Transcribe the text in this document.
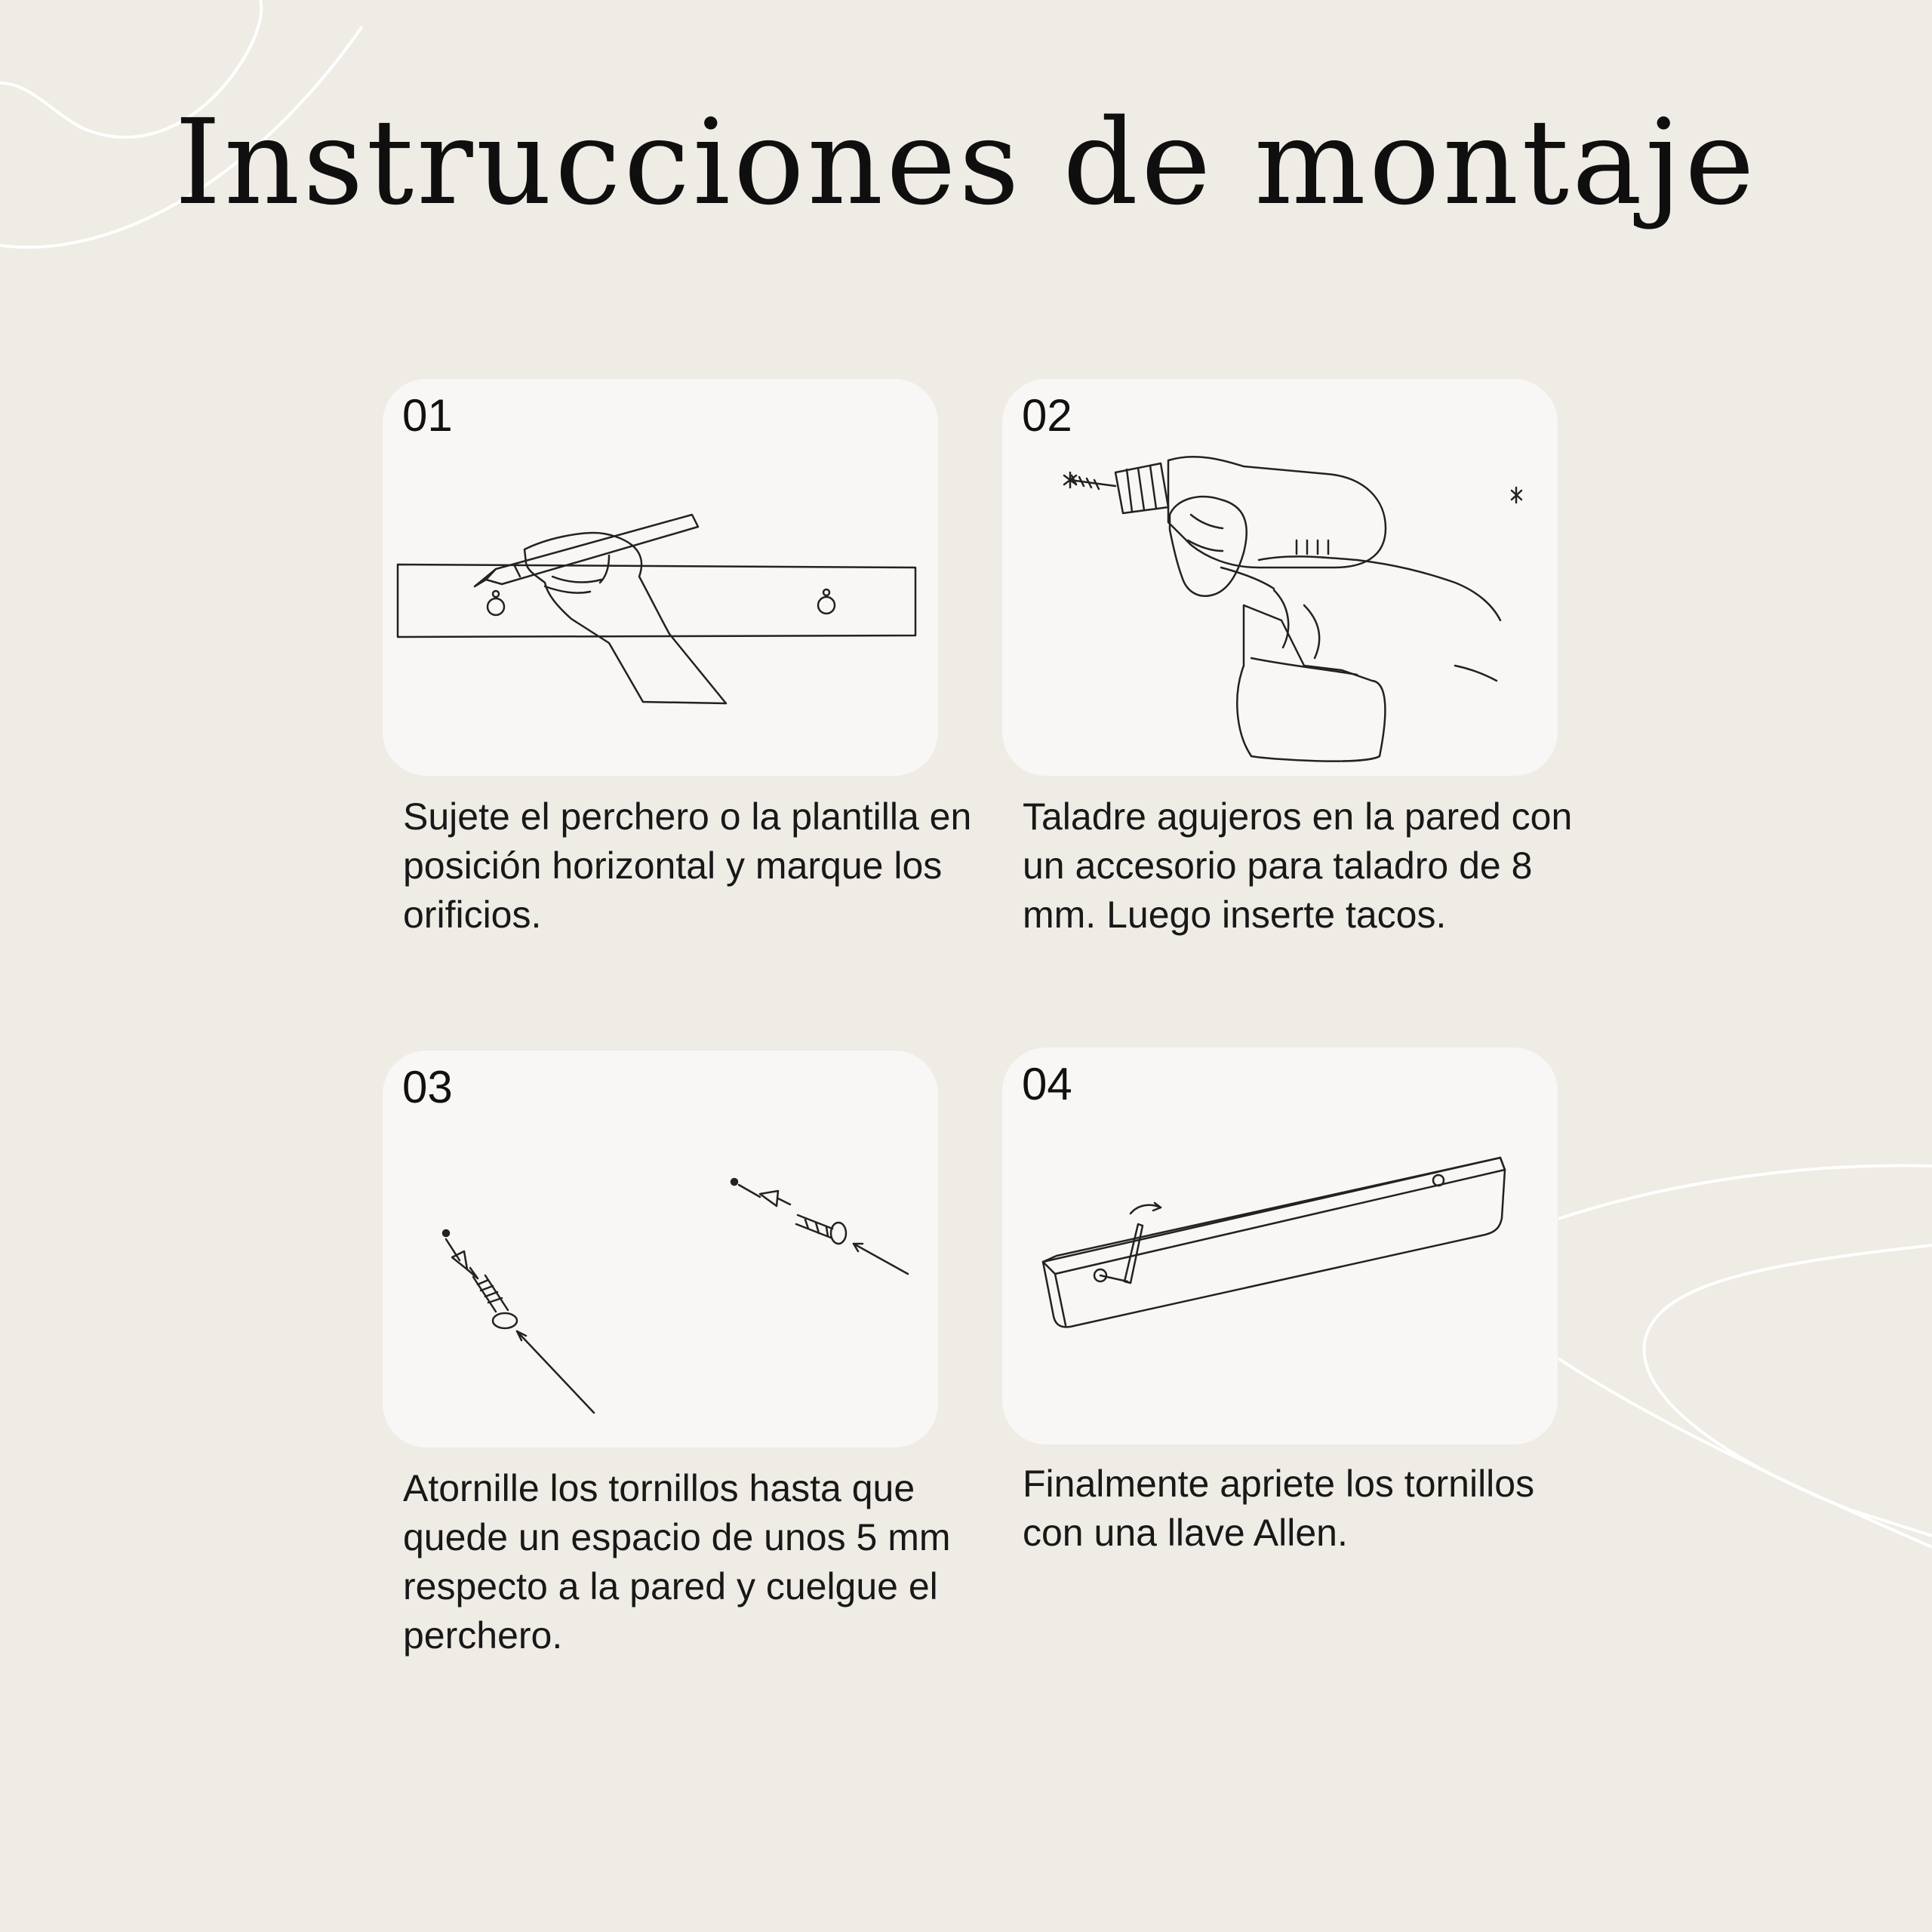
Instrucciones de montaje
01

Sujete el perchero o la plantilla en posición horizontal y marque los orificios.

02

Taladre agujeros en la pared con un accesorio para taladro de 8 mm. Luego inserte tacos.

03

Atornille los tornillos hasta que quede un espacio de unos 5 mm respecto a la pared y cuelgue el perchero.

04

Finalmente apriete los tornillos con una llave Allen.
